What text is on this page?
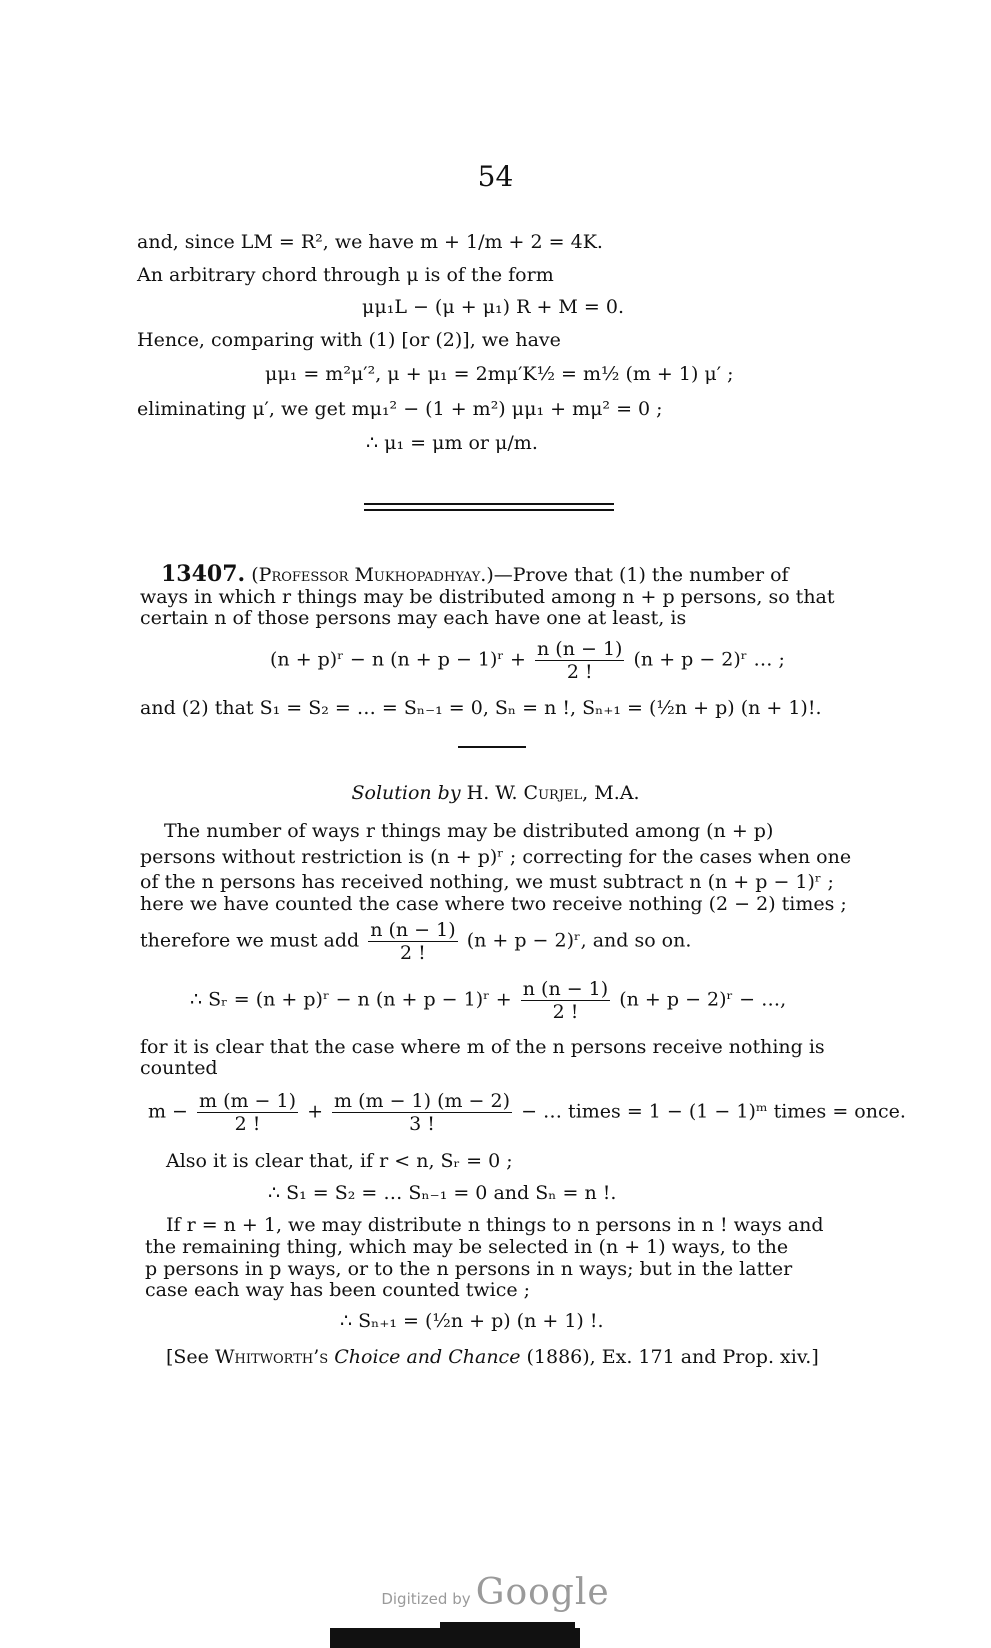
54
and, since LM = R², we have m + 1/m + 2 = 4K.
An arbitrary chord through μ is of the form
μμ₁L − (μ + μ₁) R + M = 0.
Hence, comparing with (1) [or (2)], we have
μμ₁ = m²μ′², μ + μ₁ = 2mμ′K½ = m½ (m + 1) μ′ ;
eliminating μ′, we get mμ₁² − (1 + m²) μμ₁ + mμ² = 0 ;
∴ μ₁ = μm or μ/m.
13407. (Professor Mukhopadhyay.)—Prove that (1) the number of
ways in which r things may be distributed among n + p persons, so that
certain n of those persons may each have one at least, is
(n + p)ʳ − n (n + p − 1)ʳ + $\frac{n (n - 1)}{2 !} (n + p$ − 2)ʳ … ;
and (2) that S₁ = S₂ = … = Sₙ₋₁ = 0, Sₙ = n !, Sₙ₊₁ = (½n + p) (n + 1)!.
Solution by H. W. Curjel, M.A.
The number of ways r things may be distributed among (n + p)
persons without restriction is (n + p)ʳ ; correcting for the cases when one
of the n persons has received nothing, we must subtract n (n + p − 1)ʳ ;
here we have counted the case where two receive nothing (2 − 2) times ;
therefore we must add $\frac{n (n - 1)}{2 !} (n + p$ − 2)ʳ, and so on.
∴ Sᵣ = (n + p)ʳ − n (n + p − 1)ʳ + $\frac{n (n - 1)}{2 !} (n + p$ − 2)ʳ − …,
for it is clear that the case where m of the n persons receive nothing is
counted
$m - \frac{m (m - 1)}{2 !} + \frac{m (m - 1) (m - 2)}{3 !}$ − … times = 1 − (1 − 1)ᵐ times = once.
Also it is clear that, if r < n, Sᵣ = 0 ;
∴ S₁ = S₂ = … Sₙ₋₁ = 0 and Sₙ = n !.
If r = n + 1, we may distribute n things to n persons in n ! ways and
the remaining thing, which may be selected in (n + 1) ways, to the
p persons in p ways, or to the n persons in n ways; but in the latter
case each way has been counted twice ;
∴ Sₙ₊₁ = (½n + p) (n + 1) !.
[See Whitworth’s Choice and Chance (1886), Ex. 171 and Prop. xiv.]
Digitized by Google
